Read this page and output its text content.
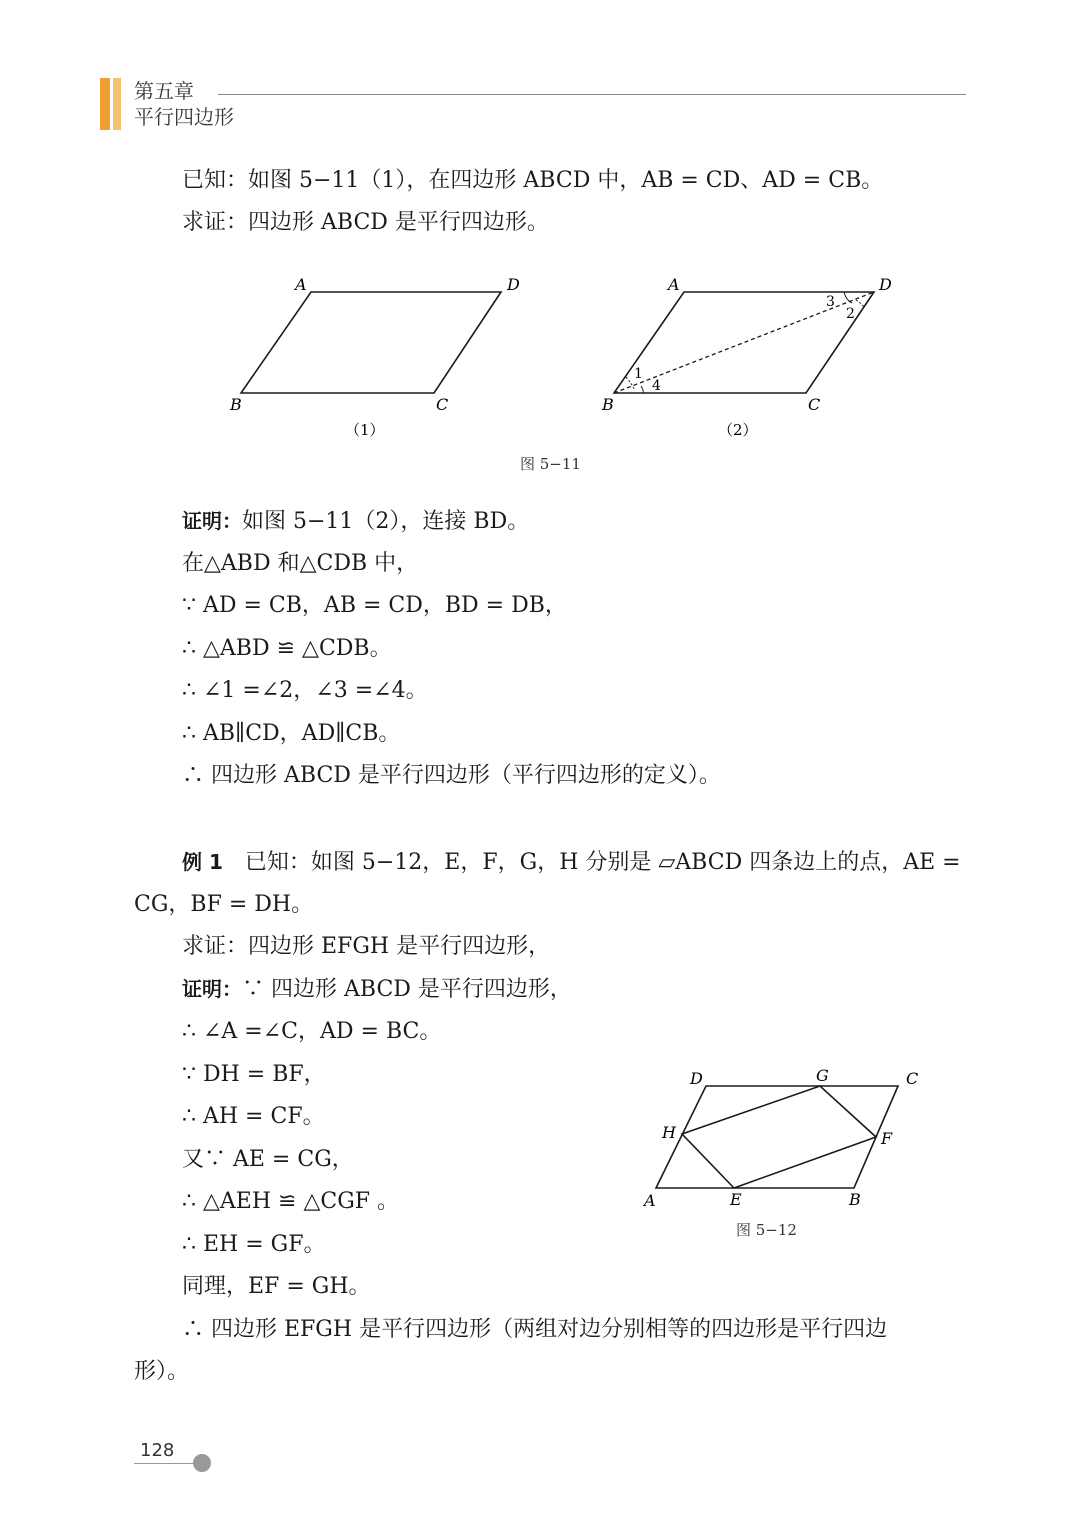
第五章
平行四边形
已知：如图 5−11（1），在四边形 ABCD 中，AB = CD、AD = CB。
求证：四边形 ABCD 是平行四边形。
A	D
B	C
（1）
1
4
3
2
A	D
B	C
（2）
图 5−11
证明：如图 5−11（2），连接 BD。
在△ABD 和△CDB 中，
∵ AD = CB，AB = CD，BD = DB，
∴ △ABD ≌ △CDB。
∴ ∠1 =∠2，∠3 =∠4。
∴ AB∥CD，AD∥CB。
∴ 四边形 ABCD 是平行四边形（平行四边形的定义）。
例 1 已知：如图 5−12，E，F，G，H 分别是 ▱ABCD 四条边上的点，AE =
CG，BF = DH。
求证：四边形 EFGH 是平行四边形，
证明：∵ 四边形 ABCD 是平行四边形，
∴ ∠A =∠C，AD = BC。
∵ DH = BF，
∴ AH = CF。
又∵ AE = CG，
∴ △AEH ≌ △CGF 。
∴ EH = GF。
同理，EF = GH。
∴ 四边形 EFGH 是平行四边形（两组对边分别相等的四边形是平行四边
形）。
D	G	C
H	F
A	E	B
图 5−12
128
